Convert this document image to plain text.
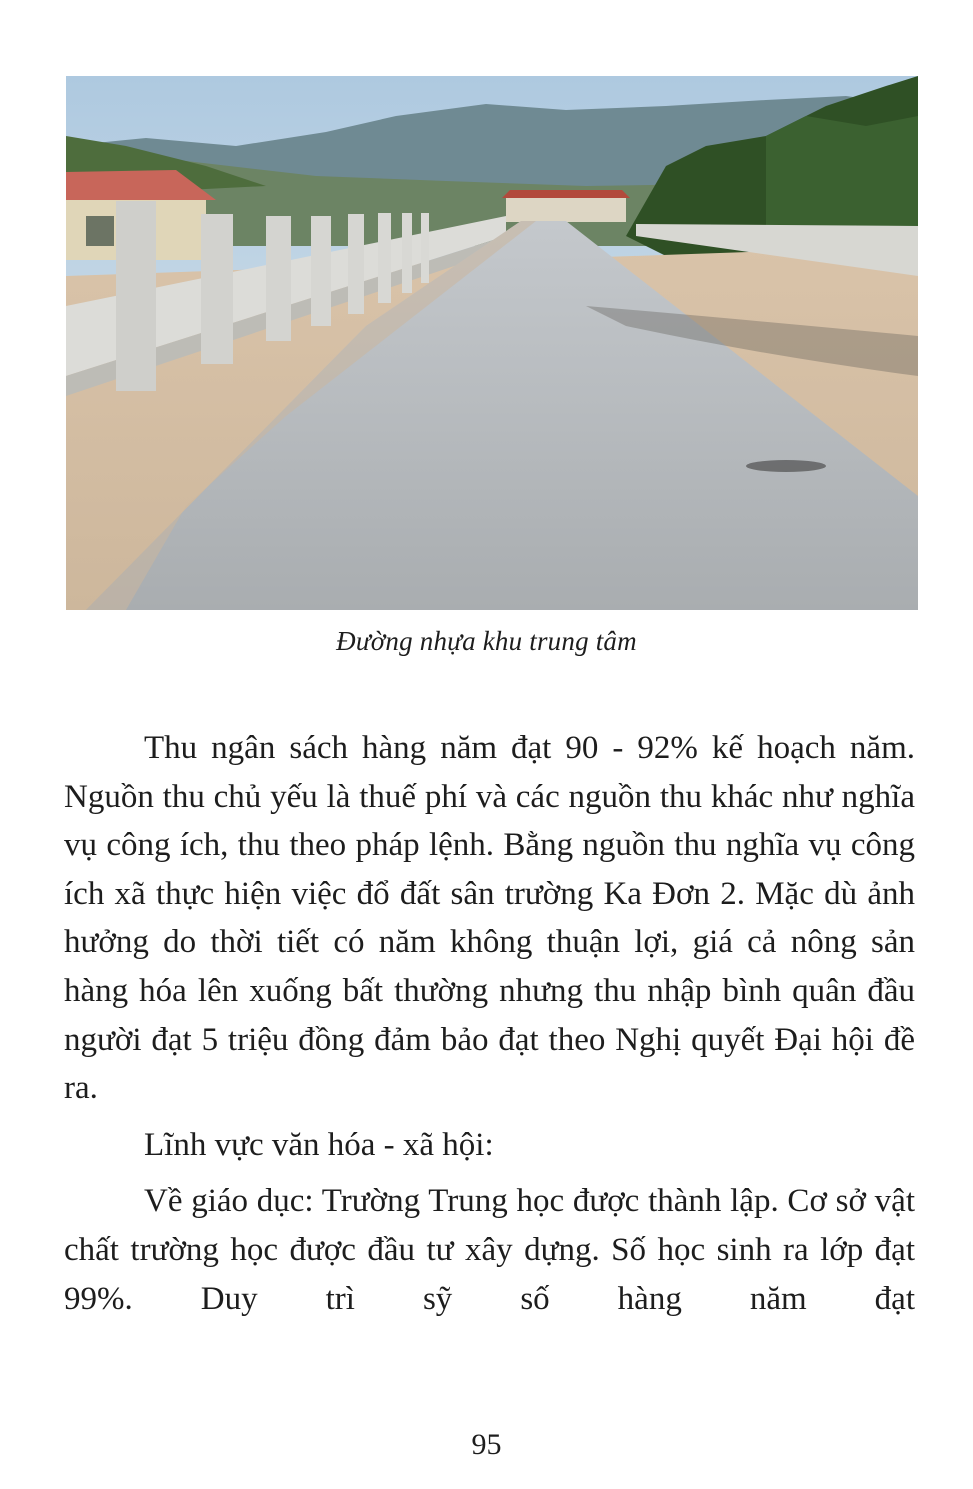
Đường nhựa khu trung tâm

Thu ngân sách hàng năm đạt 90 - 92% kế hoạch năm. Nguồn thu chủ yếu là thuế phí và các nguồn thu khác như nghĩa vụ công ích, thu theo pháp lệnh. Bằng nguồn thu nghĩa vụ công ích xã thực hiện việc đổ đất sân trường Ka Đơn 2. Mặc dù ảnh hưởng do thời tiết có năm không thuận lợi, giá cả nông sản hàng hóa lên xuống bất thường nhưng thu nhập bình quân đầu người đạt 5 triệu đồng đảm bảo đạt theo Nghị quyết Đại hội đề ra.

Lĩnh vực văn hóa - xã hội:

Về giáo dục: Trường Trung học được thành lập. Cơ sở vật chất trường học được đầu tư xây dựng. Số học sinh ra lớp đạt 99%. Duy trì sỹ số hàng năm đạt

95
